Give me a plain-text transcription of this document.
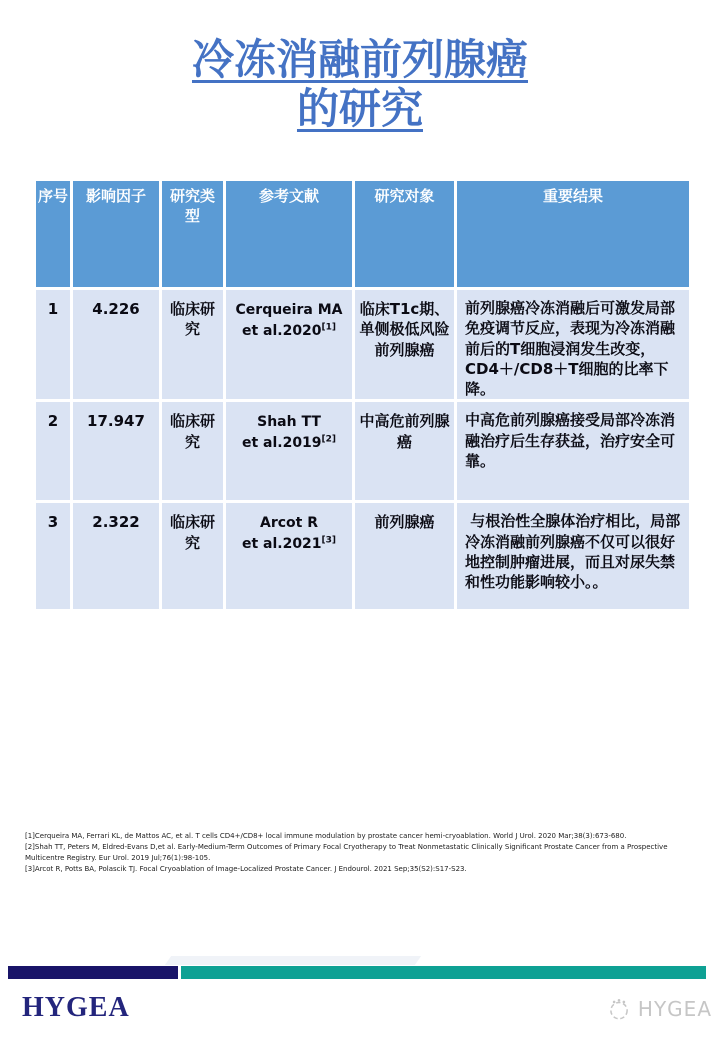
冷冻消融前列腺癌
的研究
序号	影响因子	研究类型	参考文献	研究对象	重要结果
1	4.226	临床研究	Cerqueira MA
et al.2020[1]	临床T1c期、单侧极低风险前列腺癌	前列腺癌冷冻消融后可激发局部免疫调节反应，表现为冷冻消融前后的T细胞浸润发生改变，CD4＋/CD8＋T细胞的比率下降。
2	17.947	临床研究	Shah TT
et al.2019[2]	中高危前列腺癌	中高危前列腺癌接受局部冷冻消融治疗后生存获益，治疗安全可靠。
3	2.322	临床研究	Arcot R
et al.2021[3]	前列腺癌	与根治性全腺体治疗相比，局部冷冻消融前列腺癌不仅可以很好地控制肿瘤进展，而且对尿失禁和性功能影响较小。。
[1]Cerqueira MA, Ferrari KL, de Mattos AC, et al. T cells CD4+/CD8+ local immune modulation by prostate cancer hemi-cryoablation. World J Urol. 2020 Mar;38(3):673-680.
[2]Shah TT, Peters M, Eldred-Evans D,et al. Early-Medium-Term Outcomes of Primary Focal Cryotherapy to Treat Nonmetastatic Clinically Significant Prostate Cancer from a Prospective Multicentre Registry. Eur Urol. 2019 Jul;76(1):98-105.
[3]Arcot R, Potts BA, Polascik TJ. Focal Cryoablation of Image-Localized Prostate Cancer. J Endourol. 2021 Sep;35(S2):S17-S23.
HYGEA	HYGEA
